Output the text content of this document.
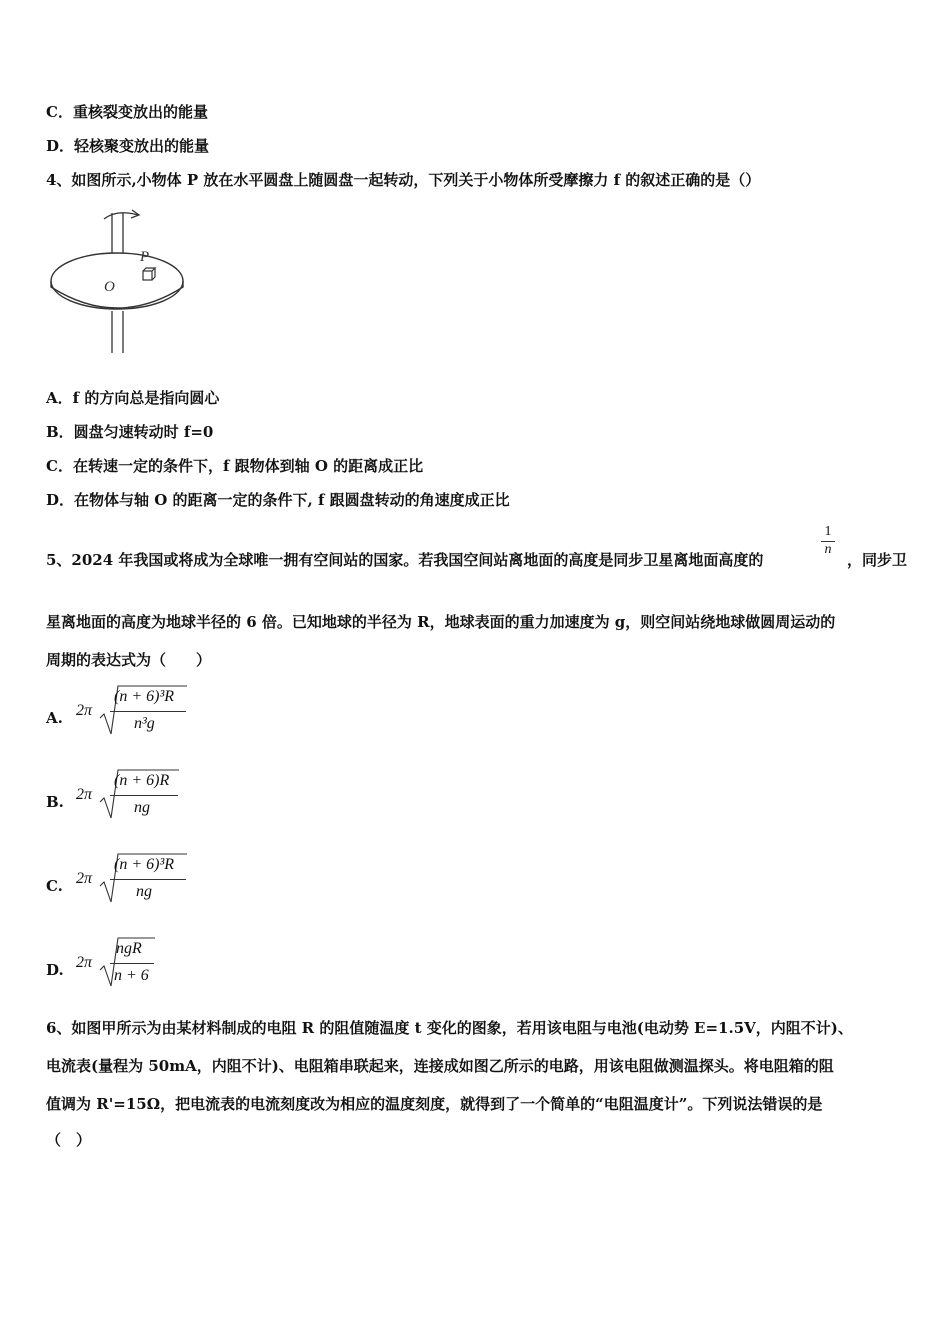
C．重核裂变放出的能量
D．轻核聚变放出的能量
4、如图所示,小物体 P 放在水平圆盘上随圆盘一起转动，下列关于小物体所受摩擦力 f 的叙述正确的是（）
P
O
A．f 的方向总是指向圆心
B．圆盘匀速转动时 f=0
C．在转速一定的条件下，f 跟物体到轴 O 的距离成正比
D．在物体与轴 O 的距离一定的条件下, f 跟圆盘转动的角速度成正比
5、2024 年我国或将成为全球唯一拥有空间站的国家。若我国空间站离地面的高度是同步卫星离地面高度的
$\frac{1}{n}$
，同步卫
星离地面的高度为地球半径的 6 倍。已知地球的半径为 R，地球表面的重力加速度为 g，则空间站绕地球做圆周运动的
周期的表达式为（　　）
A. 2π
(n + 6)³R
n³g
B. 2π
(n + 6)R
ng
C. 2π
(n + 6)³R
ng
D. 2π
ngR
n + 6
6、如图甲所示为由某材料制成的电阻 R 的阻值随温度 t 变化的图象，若用该电阻与电池(电动势 E=1.5V，内阻不计)、
电流表(量程为 50mA，内阻不计)、电阻箱串联起来，连接成如图乙所示的电路，用该电阻做测温探头。将电阻箱的阻
值调为 R'=15Ω，把电流表的电流刻度改为相应的温度刻度，就得到了一个简单的“电阻温度计”。下列说法错误的是
（　）
